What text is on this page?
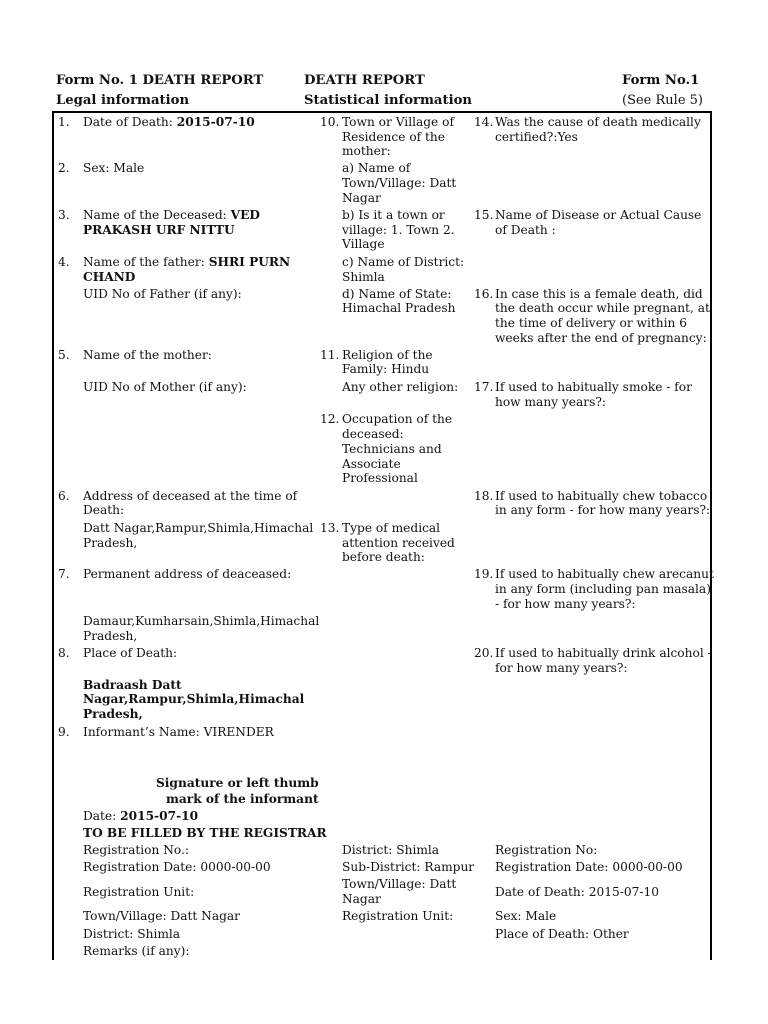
Form No. 1 DEATH REPORT
Legal information
DEATH REPORT
Statistical information
Form No.1
(See Rule 5)
1. Date of Death: 2015-07-10
2. Sex: Male
3. Name of the Deceased: VED
PRAKASH URF NITTU
4. Name of the father: SHRI PURN
CHAND
UID No of Father (if any):
5. Name of the mother:
UID No of Mother (if any):
6. Address of deceased at the time of
Death:
Datt Nagar,Rampur,Shimla,Himachal
Pradesh,
7. Permanent address of deaceased:
Damaur,Kumharsain,Shimla,Himachal
Pradesh,
8. Place of Death:
Badraash Datt
Nagar,Rampur,Shimla,Himachal
Pradesh,
9. Informant’s Name: VIRENDER
Signature or left thumb
mark of the informant
Date: 2015-07-10
TO BE FILLED BY THE REGISTRAR
10. Town or Village of
Residence of the
mother:
a) Name of
Town/Village: Datt
Nagar
b) Is it a town or
village: 1. Town 2.
Village
c) Name of District:
Shimla
d) Name of State:
Himachal Pradesh
11. Religion of the
Family: Hindu
Any other religion:
12. Occupation of the
deceased:
Technicians and
Associate
Professional
13. Type of medical
attention received
before death:
14. Was the cause of death medically
certified?:Yes
15. Name of Disease or Actual Cause
of Death :
16. In case this is a female death, did
the death occur while pregnant, at
the time of delivery or within 6
weeks after the end of pregnancy:
17. If used to habitually smoke - for
how many years?:
18. If used to habitually chew tobacco
in any form - for how many years?:
19. If used to habitually chew arecanut
in any form (including pan masala)
- for how many years?:
20. If used to habitually drink alcohol -
for how many years?:
Registration No.:
Registration Date: 0000-00-00
Registration Unit:
Town/Village: Datt Nagar
District: Shimla
Remarks (if any):
District: Shimla
Sub-District: Rampur
Town/Village: Datt
Nagar
Registration Unit:
Registration No:
Registration Date: 0000-00-00
Date of Death: 2015-07-10
Sex: Male
Place of Death: Other
